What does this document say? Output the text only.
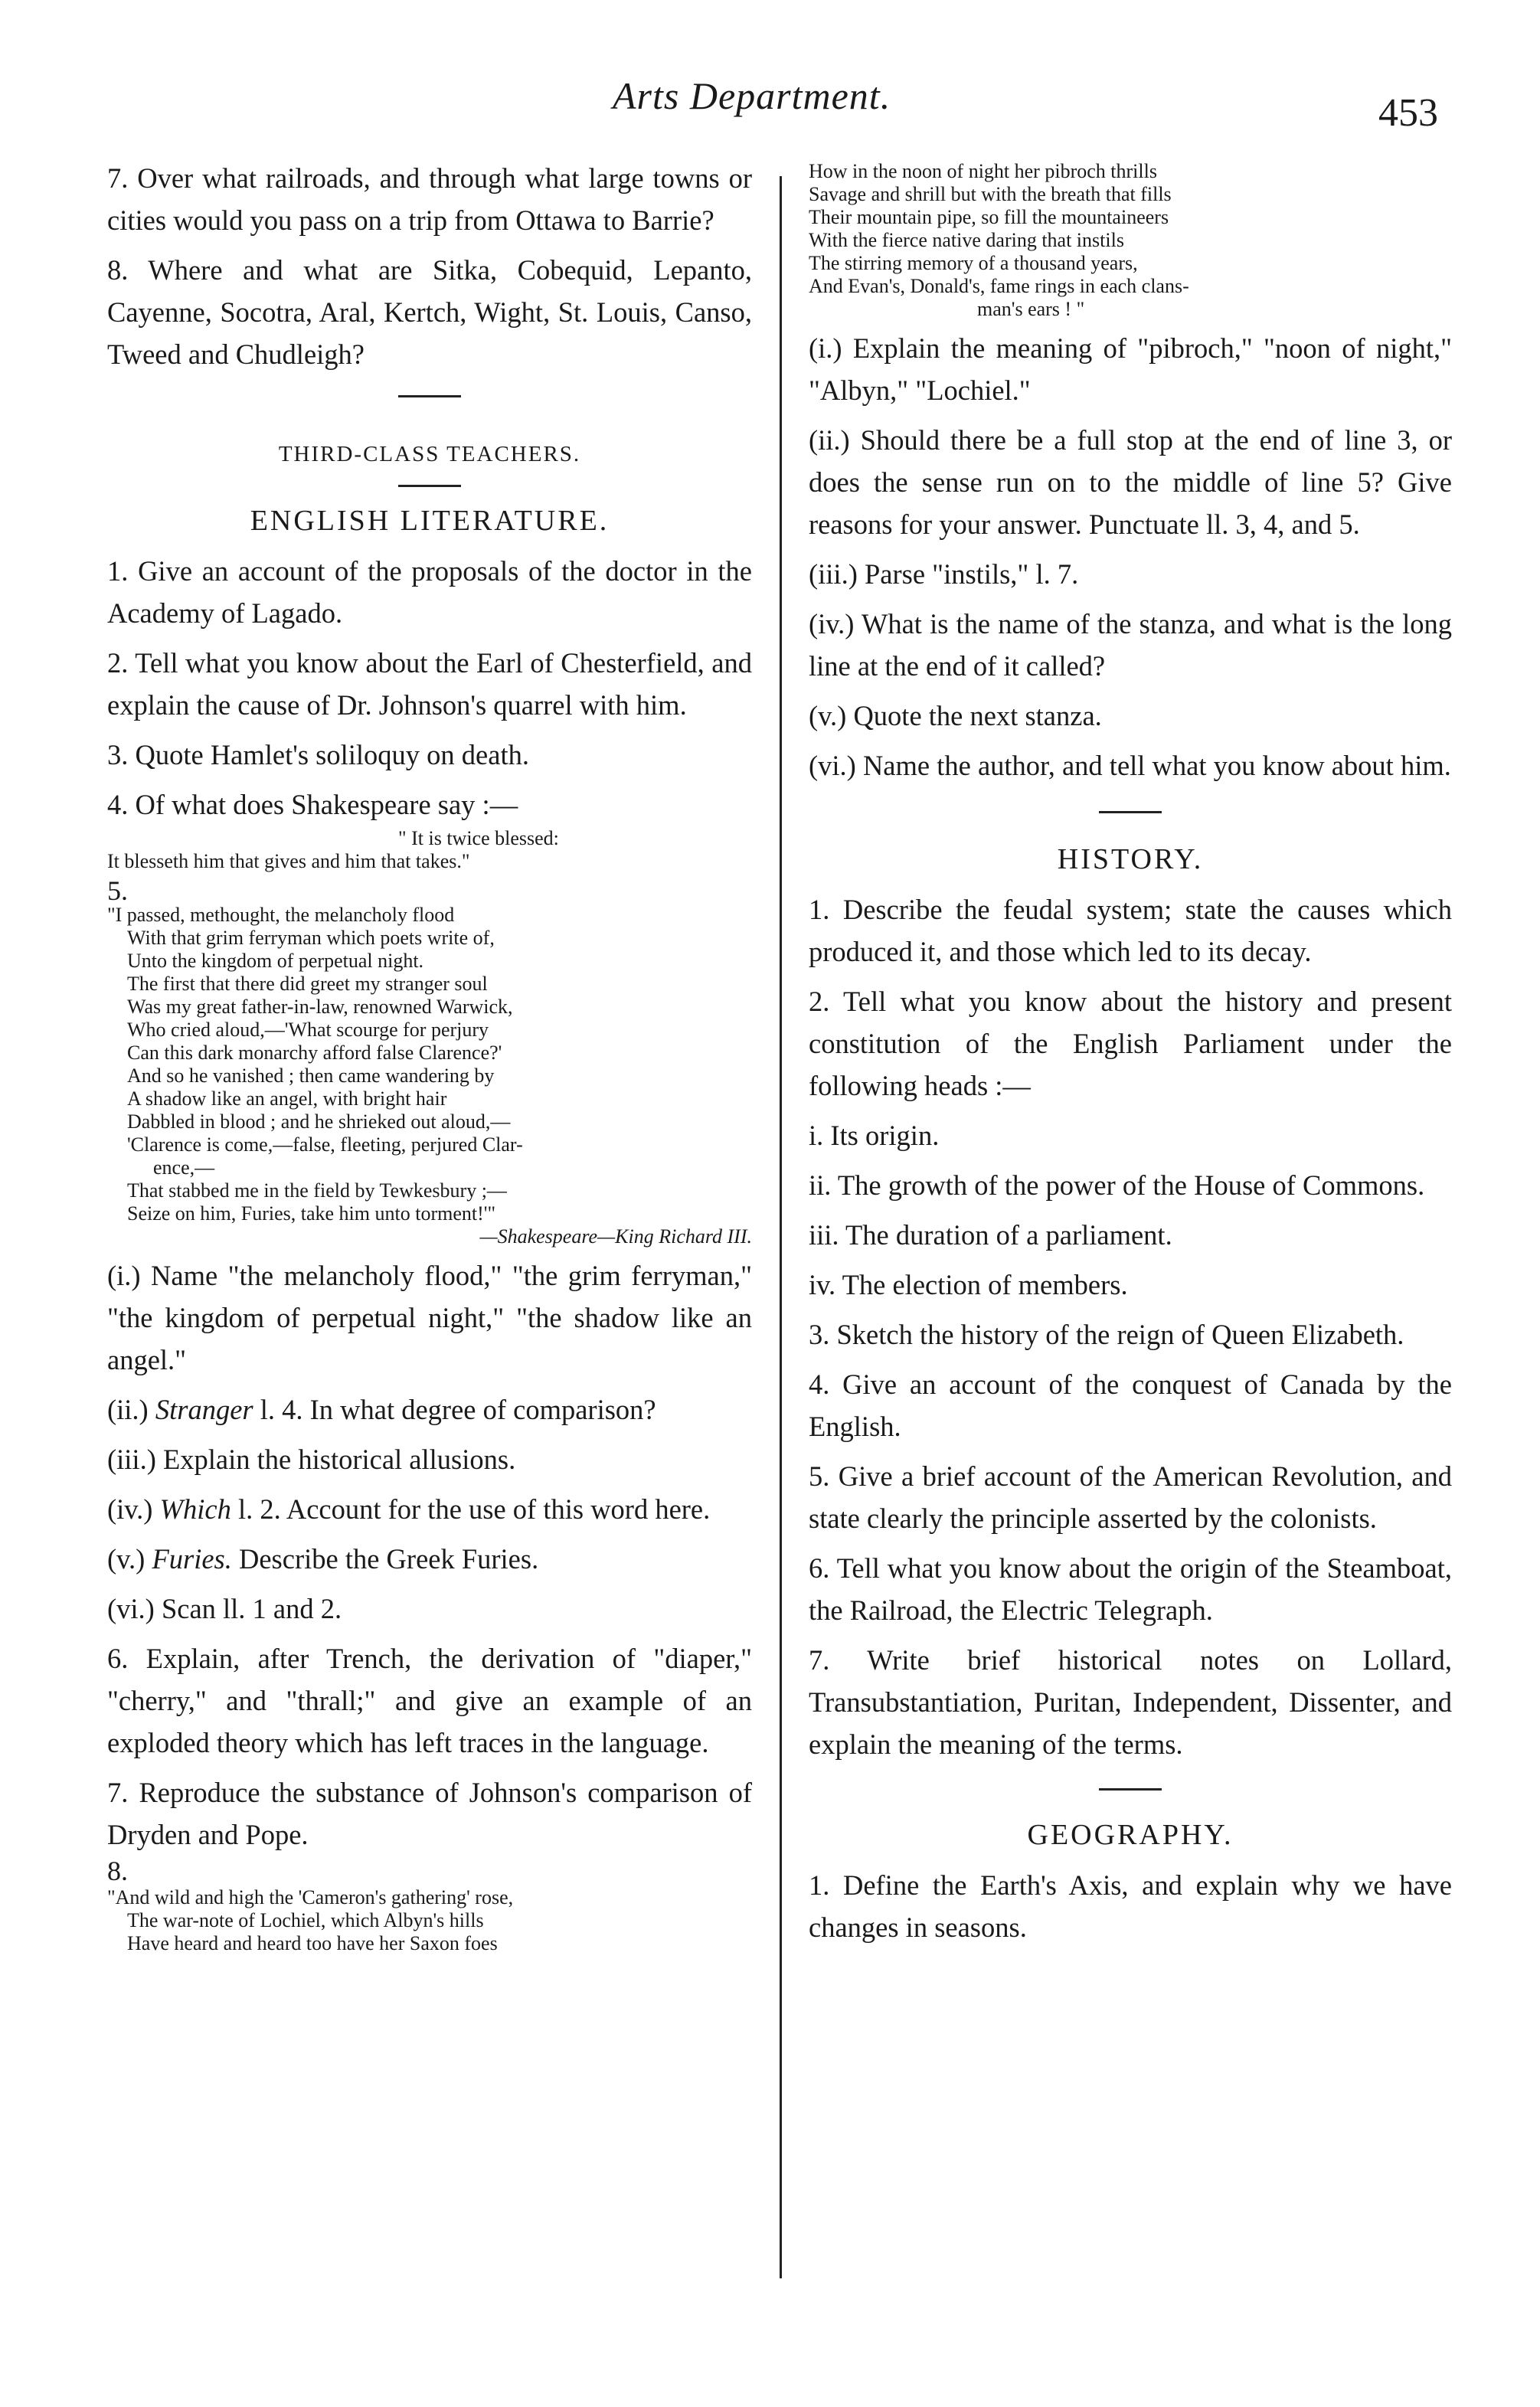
Arts Department.	453

7. Over what railroads, and through what large towns or cities would you pass on a trip from Ottawa to Barrie?

8. Where and what are Sitka, Cobequid, Lepanto, Cayenne, Socotra, Aral, Kertch, Wight, St. Louis, Canso, Tweed and Chudleigh?

THIRD-CLASS TEACHERS.
ENGLISH LITERATURE.

1. Give an account of the proposals of the doctor in the Academy of Lagado.

2. Tell what you know about the Earl of Chesterfield, and explain the cause of Dr. Johnson's quarrel with him.

3. Quote Hamlet's soliloquy on death.

4. Of what does Shakespeare say :—

" It is twice blessed:
It blesseth him that gives and him that takes."
5.
"I passed, methought, the melancholy flood
With that grim ferryman which poets write of,
Unto the kingdom of perpetual night.
The first that there did greet my stranger soul
Was my great father-in-law, renowned Warwick,
Who cried aloud,—'What scourge for perjury
Can this dark monarchy afford false Clarence?'
And so he vanished ; then came wandering by
A shadow like an angel, with bright hair
Dabbled in blood ; and he shrieked out aloud,—
'Clarence is come,—false, fleeting, perjured Clar-
ence,—
That stabbed me in the field by Tewkesbury ;—
Seize on him, Furies, take him unto torment!'"
—Shakespeare—King Richard III.

(i.) Name "the melancholy flood," "the grim ferryman," "the kingdom of perpetual night," "the shadow like an angel."

(ii.) Stranger l. 4. In what degree of comparison?

(iii.) Explain the historical allusions.

(iv.) Which l. 2. Account for the use of this word here.

(v.) Furies. Describe the Greek Furies.

(vi.) Scan ll. 1 and 2.

6. Explain, after Trench, the derivation of "diaper," "cherry," and "thrall;" and give an example of an exploded theory which has left traces in the language.

7. Reproduce the substance of Johnson's comparison of Dryden and Pope.

8.
"And wild and high the 'Cameron's gathering' rose,
The war-note of Lochiel, which Albyn's hills
Have heard and heard too have her Saxon foes
How in the noon of night her pibroch thrills
Savage and shrill but with the breath that fills
Their mountain pipe, so fill the mountaineers
With the fierce native daring that instils
The stirring memory of a thousand years,
And Evan's, Donald's, fame rings in each clans-
man's ears ! "

(i.) Explain the meaning of "pibroch," "noon of night," "Albyn," "Lochiel."

(ii.) Should there be a full stop at the end of line 3, or does the sense run on to the middle of line 5? Give reasons for your answer. Punctuate ll. 3, 4, and 5.

(iii.) Parse "instils," l. 7.

(iv.) What is the name of the stanza, and what is the long line at the end of it called?

(v.) Quote the next stanza.

(vi.) Name the author, and tell what you know about him.

HISTORY.

1. Describe the feudal system; state the causes which produced it, and those which led to its decay.

2. Tell what you know about the history and present constitution of the English Parliament under the following heads :—

i. Its origin.

ii. The growth of the power of the House of Commons.

iii. The duration of a parliament.

iv. The election of members.

3. Sketch the history of the reign of Queen Elizabeth.

4. Give an account of the conquest of Canada by the English.

5. Give a brief account of the American Revolution, and state clearly the principle asserted by the colonists.

6. Tell what you know about the origin of the Steamboat, the Railroad, the Electric Telegraph.

7. Write brief historical notes on Lollard, Transubstantiation, Puritan, Independent, Dissenter, and explain the meaning of the terms.

GEOGRAPHY.

1. Define the Earth's Axis, and explain why we have changes in seasons.
